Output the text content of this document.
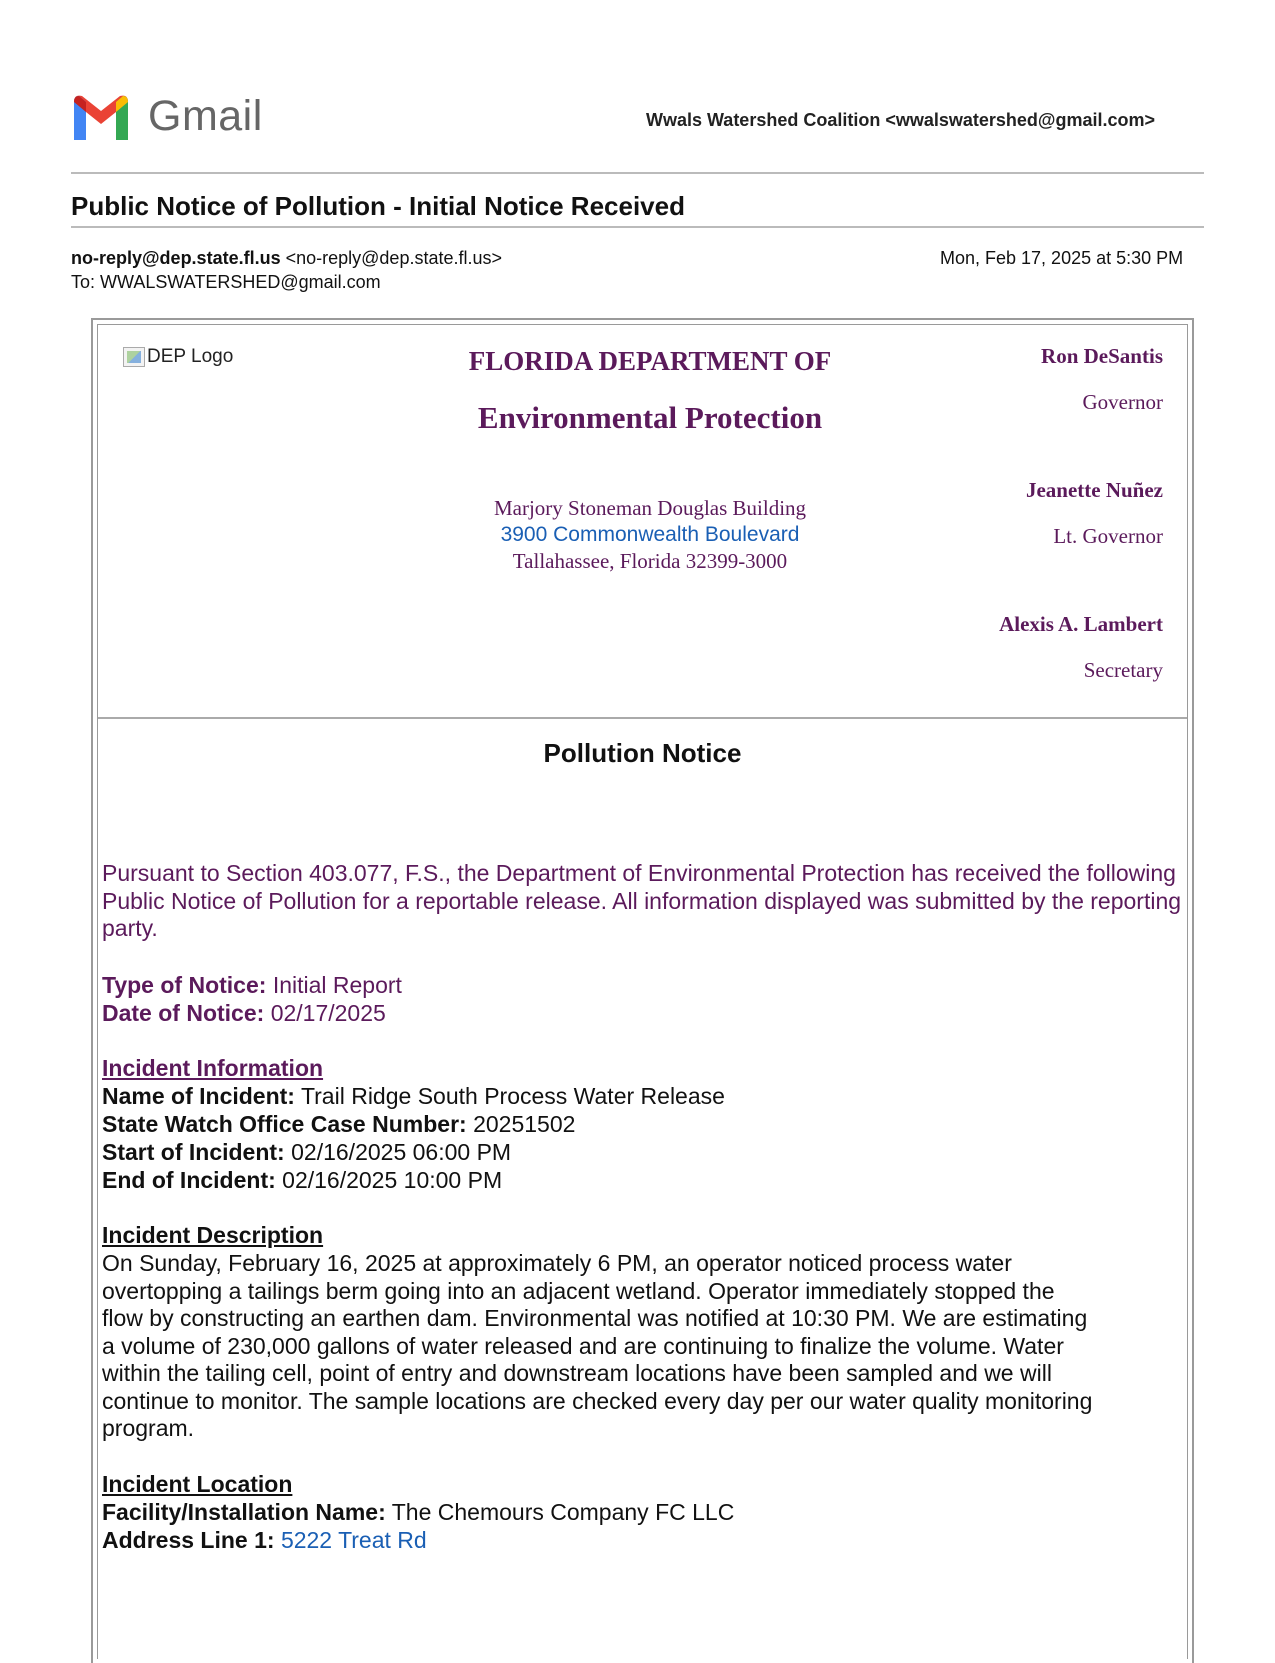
Gmail	Wwals Watershed Coalition <wwalswatershed@gmail.com>
Public Notice of Pollution - Initial Notice Received
no-reply@dep.state.fl.us <no-reply@dep.state.fl.us>
To: WWALSWATERSHED@gmail.com
Mon, Feb 17, 2025 at 5:30 PM
DEP Logo	FLORIDA DEPARTMENT OF
Environmental Protection
Marjory Stoneman Douglas Building
3900 Commonwealth Boulevard
Tallahassee, Florida 32399-3000
Ron DeSantis
Governor
Jeanette Nuñez
Lt. Governor
Alexis A. Lambert
Secretary
Pollution Notice
Pursuant to Section 403.077, F.S., the Department of Environmental Protection has received the following Public Notice of Pollution for a reportable release. All information displayed was submitted by the reporting party.
Type of Notice: Initial Report
Date of Notice: 02/17/2025
Incident Information
Name of Incident: Trail Ridge South Process Water Release
State Watch Office Case Number: 20251502
Start of Incident: 02/16/2025 06:00 PM
End of Incident: 02/16/2025 10:00 PM
Incident Description
On Sunday, February 16, 2025 at approximately 6 PM, an operator noticed process water
overtopping a tailings berm going into an adjacent wetland. Operator immediately stopped the
flow by constructing an earthen dam. Environmental was notified at 10:30 PM. We are estimating
a volume of 230,000 gallons of water released and are continuing to finalize the volume. Water
within the tailing cell, point of entry and downstream locations have been sampled and we will
continue to monitor. The sample locations are checked every day per our water quality monitoring
program.
Incident Location
Facility/Installation Name: The Chemours Company FC LLC
Address Line 1: 5222 Treat Rd
